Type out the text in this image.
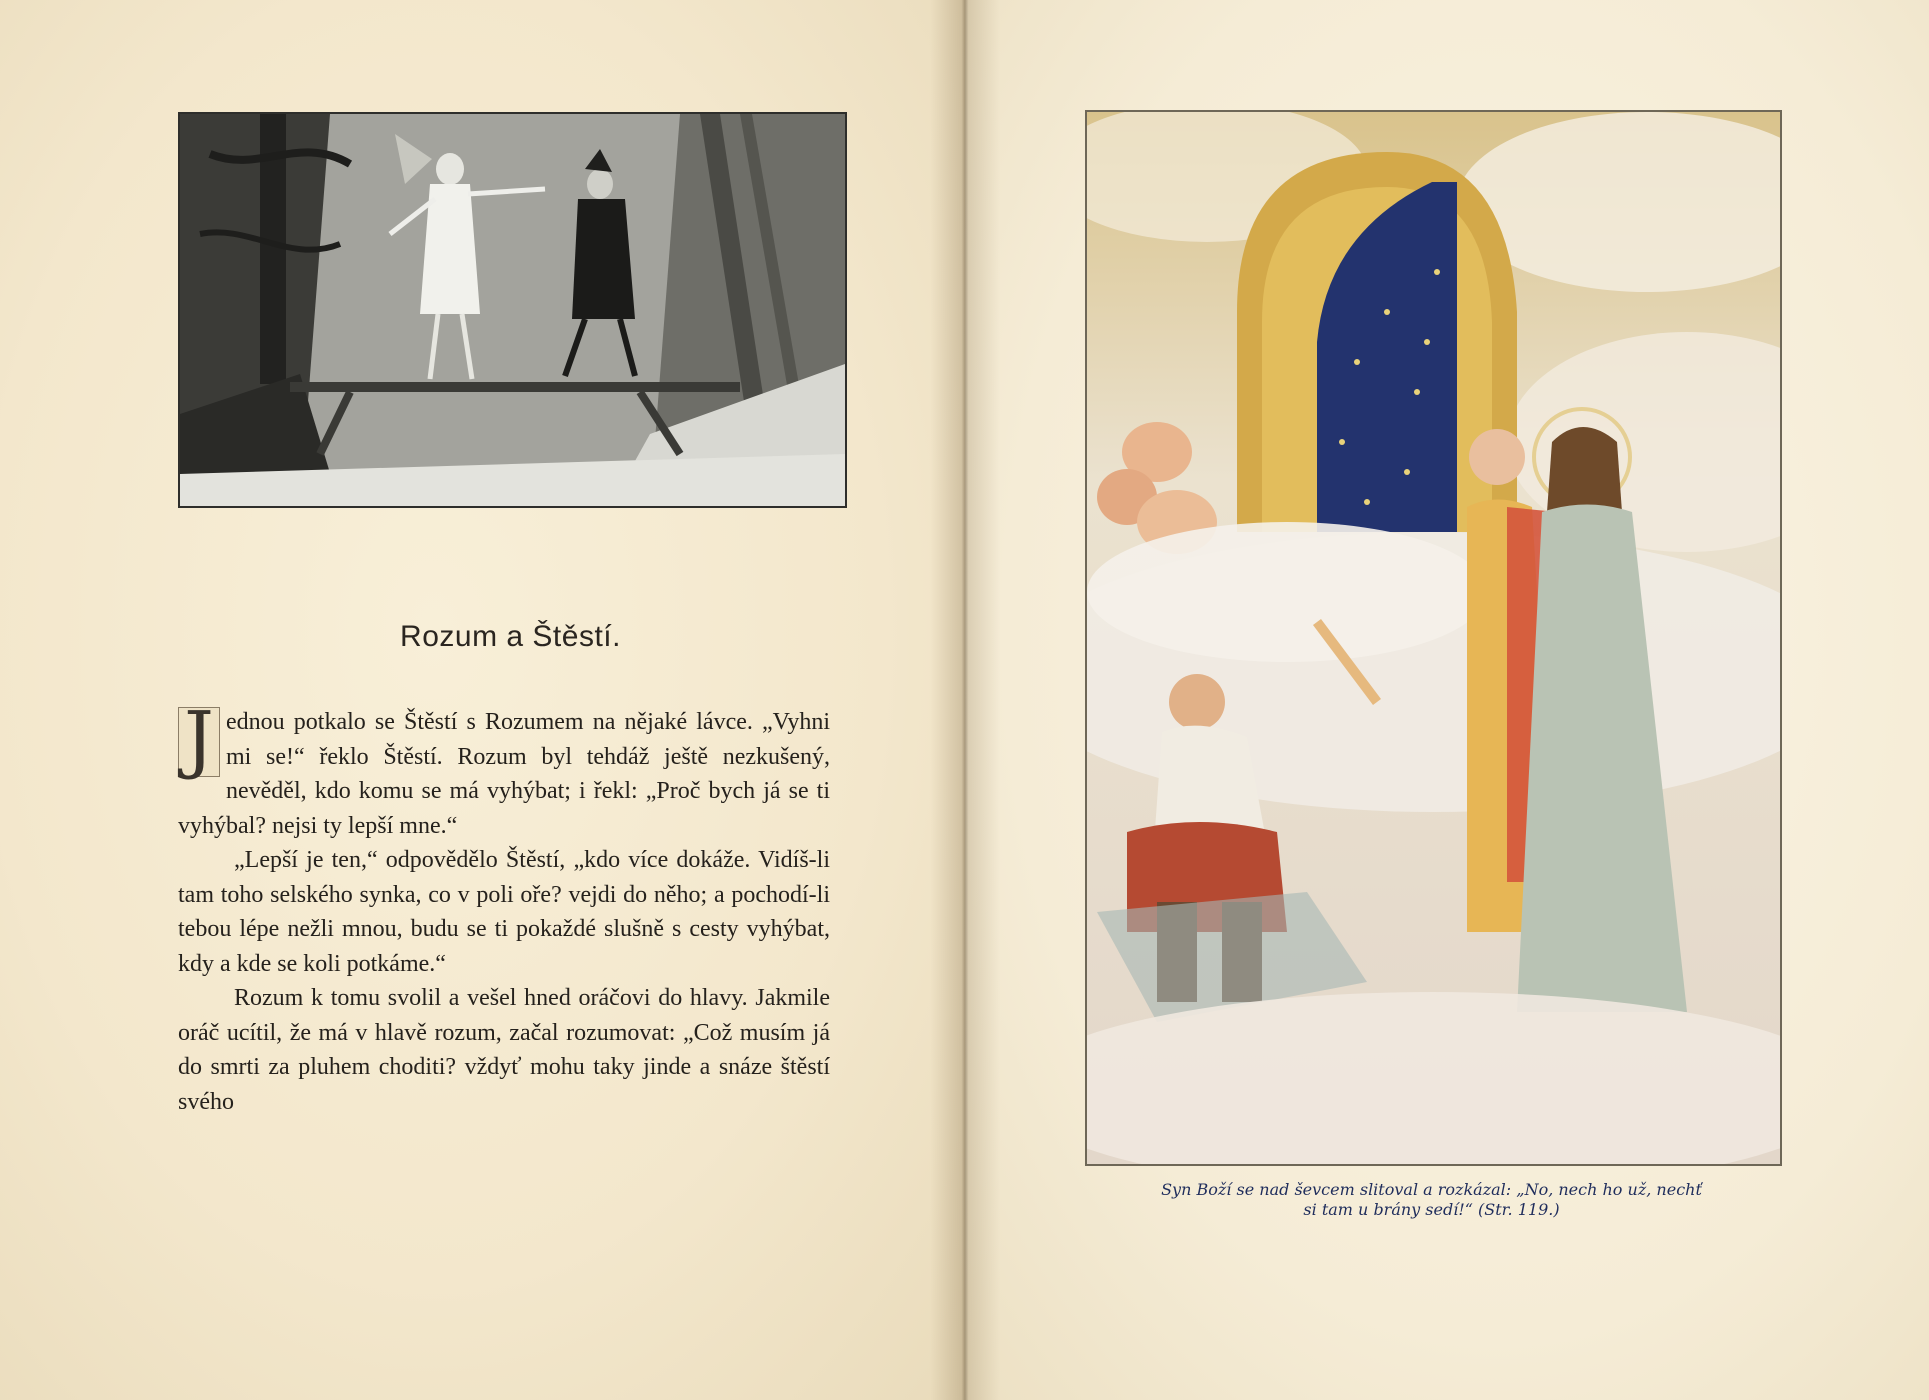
Rozum a Štěstí.

J ednou potkalo se Štěstí s Rozumem na nějaké lávce. „Vyhni mi se!“ řeklo Štěstí. Rozum byl tehdáž ještě nezkušený, nevěděl, kdo komu se má vyhýbat; i řekl: „Proč bych já se ti vyhýbal? nejsi ty lepší mne.“

„Lepší je ten,“ odpovědělo Štěstí, „kdo více dokáže. Vidíš-li tam toho selského synka, co v poli oře? vejdi do něho; a pochodí-li tebou lépe nežli mnou, budu se ti pokaždé slušně s cesty vyhýbat, kdy a kde se koli potkáme.“

Rozum k tomu svolil a vešel hned oráčovi do hlavy. Jakmile oráč ucítil, že má v hlavě rozum, začal rozumovat: „Což musím já do smrti za pluhem choditi? vždyť mohu taky jinde a snáze štěstí svého

Syn Boží se nad ševcem slitoval a rozkázal: „No, nech ho už, nechť
si tam u brány sedí!“ (Str. 119.)
